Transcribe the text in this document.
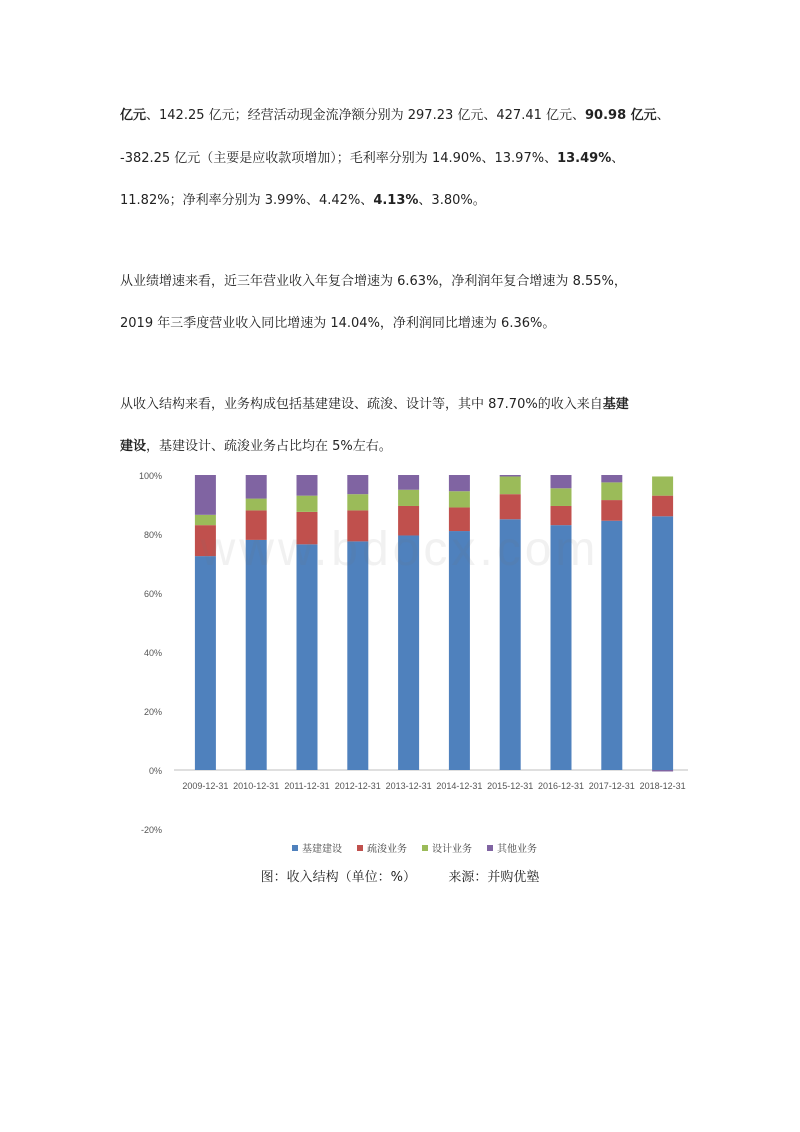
亿元、142.25 亿元；经营活动现金流净额分别为 297.23 亿元、427.41 亿元、90.98 亿元、
-382.25 亿元（主要是应收款项增加）；毛利率分别为 14.90%、13.97%、13.49%、
11.82%；净利率分别为 3.99%、4.42%、4.13%、3.80%。
从业绩增速来看，近三年营业收入年复合增速为 6.63%，净利润年复合增速为 8.55%，
2019 年三季度营业收入同比增速为 14.04%，净利润同比增速为 6.36%。
从收入结构来看，业务构成包括基建建设、疏浚、设计等，其中 87.70%的收入来自基建
建设，基建设计、疏浚业务占比均在 5%左右。
-20%
0%
20%
40%
60%
80%
100%
2009-12-31 2010-12-31 2011-12-31 2012-12-31 2013-12-31 2014-12-31 2015-12-31 2016-12-31 2017-12-31 2018-12-31
基建建设	疏浚业务	设计业务	其他业务
www.bdocx.com
图：收入结构（单位：%） 来源：并购优塾
